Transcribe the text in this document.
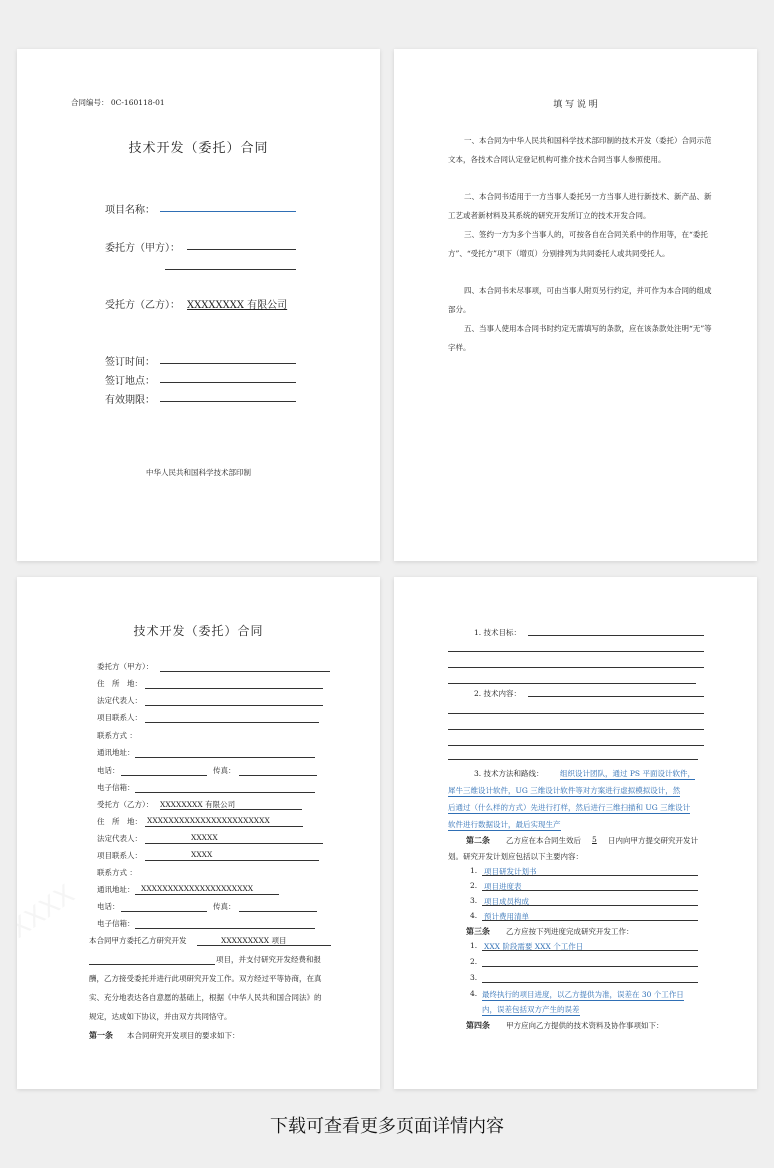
合同编号： 0C-160118-01
技术开发（委托）合同
项目名称：
委托方（甲方）：
受托方（乙方）： XXXXXXXX 有限公司
签订时间：
签订地点：
有效期限：
中华人民共和国科学技术部印制
填 写 说 明
一、本合同为中华人民共和国科学技术部印制的技术开发（委托）合同示范文本，各技术合同认定登记机构可推介技术合同当事人参照使用。
二、本合同书适用于一方当事人委托另一方当事人进行新技术、新产品、新工艺或者新材料及其系统的研究开发所订立的技术开发合同。
三、签约一方为多个当事人的，可按各自在合同关系中的作用等，在“委托方”、“受托方”项下（增页）分别排列为共同委托人或共同受托人。
四、本合同书未尽事项，可由当事人附页另行约定，并可作为本合同的组成部分。
五、当事人使用本合同书时约定无需填写的条款，应在该条款处注明“无”等字样。
技术开发（委托）合同
委托方（甲方）：
住　所　地：
法定代表人：
项目联系人：
联系方式 ：
通讯地址：
电话：	传真：
电子信箱：
受托方（乙方）： XXXXXXXX 有限公司
住　所　地： XXXXXXXXXXXXXXXXXXXXXXX
法定代表人：	XXXXX
项目联系人：	XXXX
联系方式 ：
通讯地址： XXXXXXXXXXXXXXXXXXXXX
电话：	传真：
电子信箱：
本合同甲方委托乙方研究开发	XXXXXXXXX 项目
项目，并支付研究开发经费和报
酬，乙方接受委托并进行此项研究开发工作。双方经过平等协商，在真
实、充分地表达各自意愿的基础上，根据《中华人民共和国合同法》的
规定，达成如下协议，并由双方共同恪守。
第一条 本合同研究开发项目的要求如下：
1. 技术目标：
2. 技术内容：
3. 技术方法和路线： 组织设计团队，通过 PS 平面设计软件，
犀牛三维设计软件，UG 三维设计软件等对方案进行虚拟模拟设计，然
后通过（什么样的方式）先进行打样，然后进行三维扫描和 UG 三维设计
软件进行数据设计，最后实现生产
第二条 乙方应在本合同生效后 5 日内向甲方提交研究开发计
划。研究开发计划应包括以下主要内容：
1. 项目研发计划书
2. 项目进度表
3. 项目成员构成
4. 预计费用清单
第三条 乙方应按下列进度完成研究开发工作：
1. XXX 阶段需要 XXX 个工作日
2.
3.
4. 最终执行的项目进度，以乙方提供为准，误差在 30 个工作日
内，误差包括双方产生的误差
第四条 甲方应向乙方提供的技术资料及协作事项如下：
下载可查看更多页面详情内容
